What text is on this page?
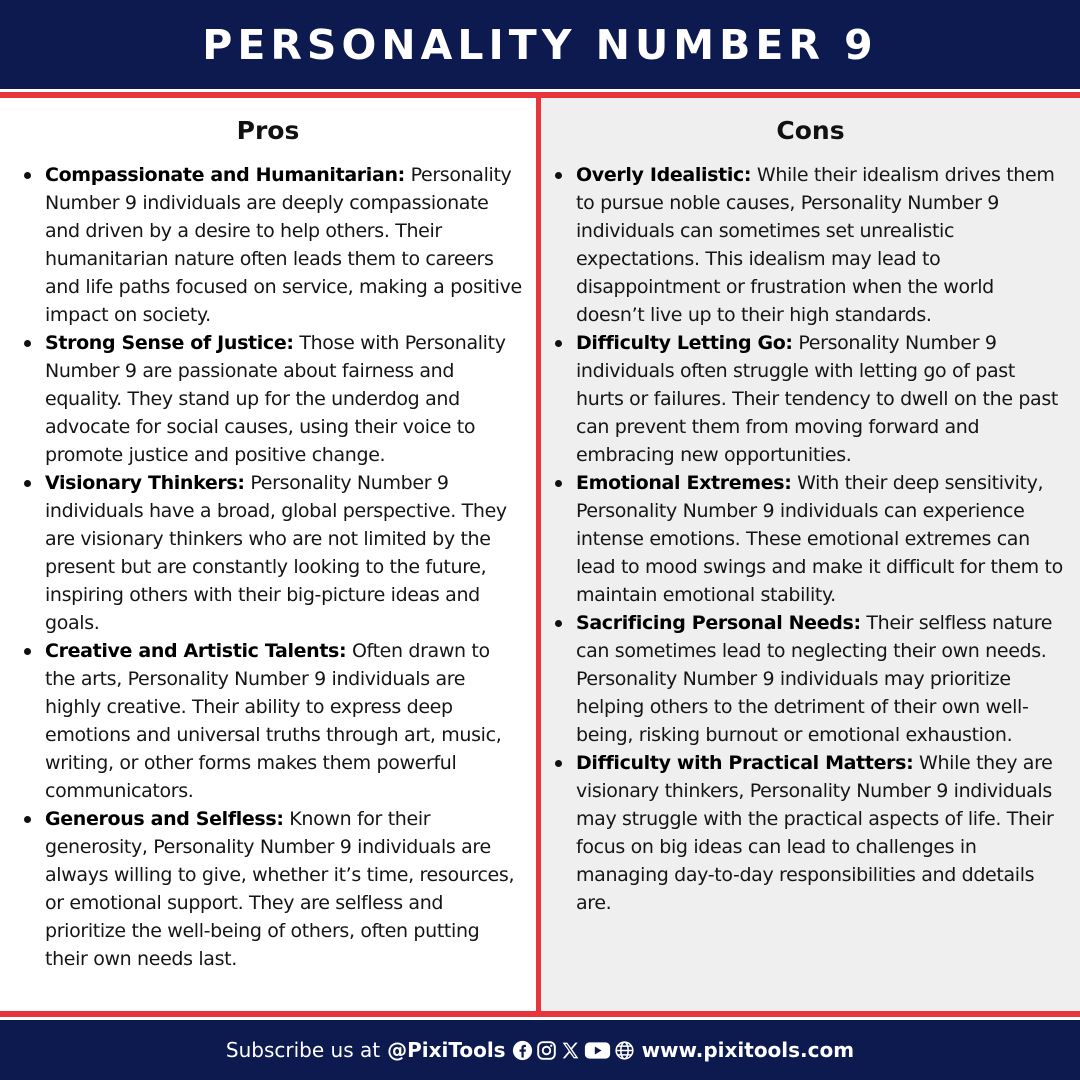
PERSONALITY NUMBER 9
Pros
Compassionate and Humanitarian: Personality Number 9 individuals are deeply compassionate and driven by a desire to help others. Their humanitarian nature often leads them to careers and life paths focused on service, making a positive impact on society.
Strong Sense of Justice: Those with Personality Number 9 are passionate about fairness and equality. They stand up for the underdog and advocate for social causes, using their voice to promote justice and positive change.
Visionary Thinkers: Personality Number 9 individuals have a broad, global perspective. They are visionary thinkers who are not limited by the present but are constantly looking to the future, inspiring others with their big-picture ideas and goals.
Creative and Artistic Talents: Often drawn to the arts, Personality Number 9 individuals are highly creative. Their ability to express deep emotions and universal truths through art, music, writing, or other forms makes them powerful communicators.
Generous and Selfless: Known for their generosity, Personality Number 9 individuals are always willing to give, whether it’s time, resources, or emotional support. They are selfless and prioritize the well-being of others, often putting their own needs last.
Cons
Overly Idealistic: While their idealism drives them to pursue noble causes, Personality Number 9 individuals can sometimes set unrealistic expectations. This idealism may lead to disappointment or frustration when the world doesn’t live up to their high standards.
Difficulty Letting Go: Personality Number 9 individuals often struggle with letting go of past hurts or failures. Their tendency to dwell on the past can prevent them from moving forward and embracing new opportunities.
Emotional Extremes: With their deep sensitivity, Personality Number 9 individuals can experience intense emotions. These emotional extremes can lead to mood swings and make it difficult for them to maintain emotional stability.
Sacrificing Personal Needs: Their selfless nature can sometimes lead to neglecting their own needs. Personality Number 9 individuals may prioritize helping others to the detriment of their own well-being, risking burnout or emotional exhaustion.
Difficulty with Practical Matters: While they are visionary thinkers, Personality Number 9 individuals may struggle with the practical aspects of life. Their focus on big ideas can lead to challenges in managing day-to-day responsibilities and ddetails are.
Subscribe us at @PixiTools	www.pixitools.com
